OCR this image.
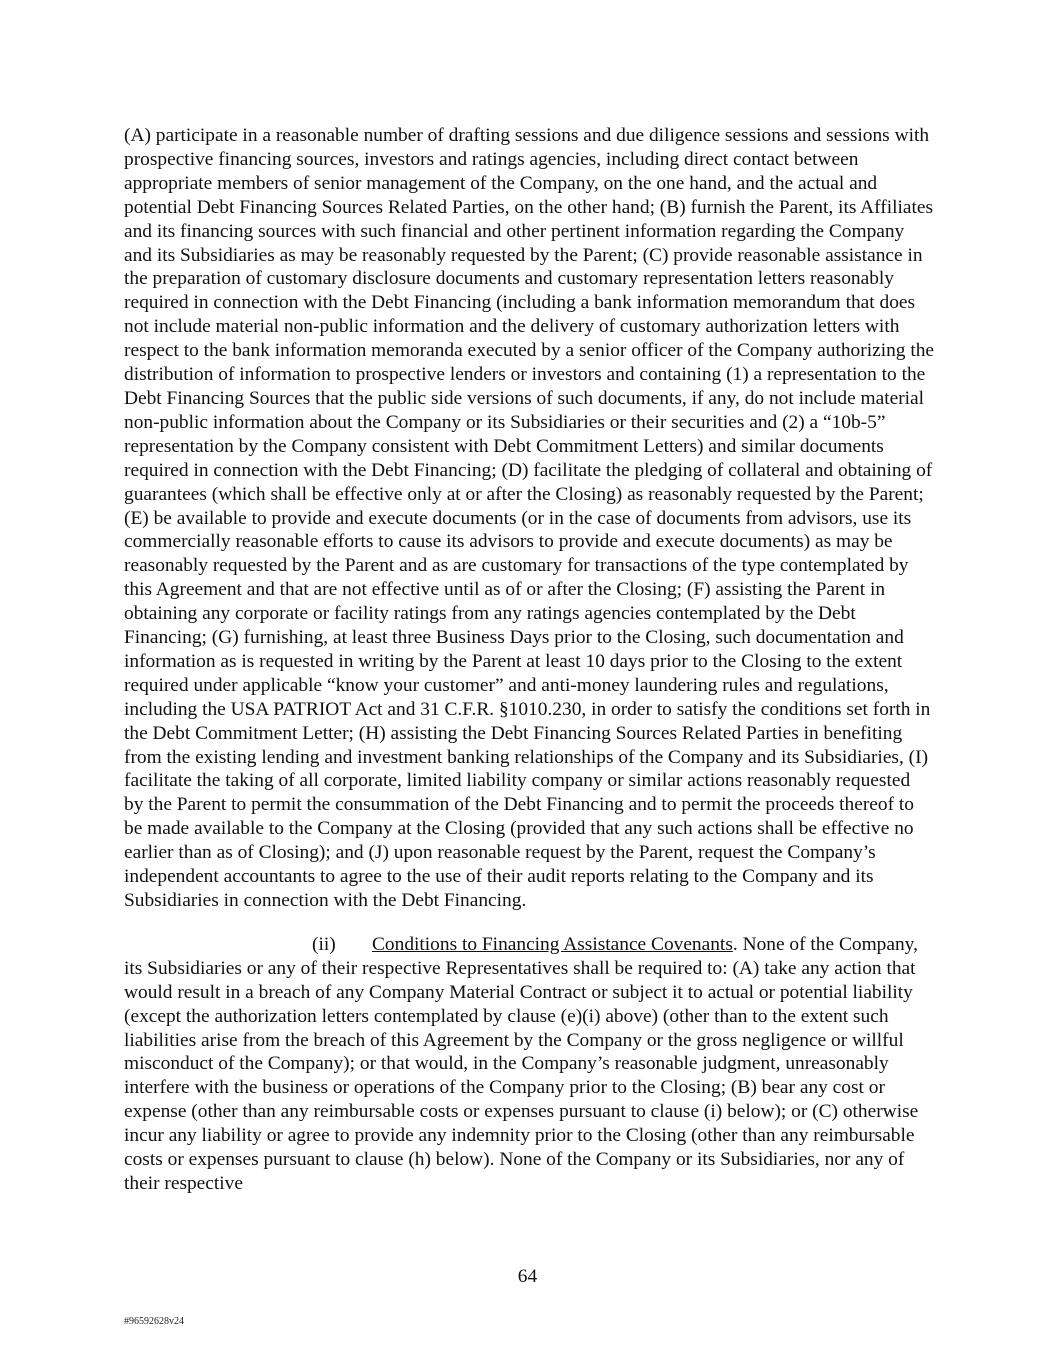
(A) participate in a reasonable number of drafting sessions and due diligence sessions and sessions with prospective financing sources, investors and ratings agencies, including direct contact between appropriate members of senior management of the Company, on the one hand, and the actual and potential Debt Financing Sources Related Parties, on the other hand; (B) furnish the Parent, its Affiliates and its financing sources with such financial and other pertinent information regarding the Company and its Subsidiaries as may be reasonably requested by the Parent; (C) provide reasonable assistance in the preparation of customary disclosure documents and customary representation letters reasonably required in connection with the Debt Financing (including a bank information memorandum that does not include material non-public information and the delivery of customary authorization letters with respect to the bank information memoranda executed by a senior officer of the Company authorizing the distribution of information to prospective lenders or investors and containing (1) a representation to the Debt Financing Sources that the public side versions of such documents, if any, do not include material non-public information about the Company or its Subsidiaries or their securities and (2) a “10b-5” representation by the Company consistent with Debt Commitment Letters) and similar documents required in connection with the Debt Financing; (D) facilitate the pledging of collateral and obtaining of guarantees (which shall be effective only at or after the Closing) as reasonably requested by the Parent; (E) be available to provide and execute documents (or in the case of documents from advisors, use its commercially reasonable efforts to cause its advisors to provide and execute documents) as may be reasonably requested by the Parent and as are customary for transactions of the type contemplated by this Agreement and that are not effective until as of or after the Closing; (F) assisting the Parent in obtaining any corporate or facility ratings from any ratings agencies contemplated by the Debt Financing; (G) furnishing, at least three Business Days prior to the Closing, such documentation and information as is requested in writing by the Parent at least 10 days prior to the Closing to the extent required under applicable “know your customer” and anti-money laundering rules and regulations, including the USA PATRIOT Act and 31 C.F.R. §1010.230, in order to satisfy the conditions set forth in the Debt Commitment Letter; (H) assisting the Debt Financing Sources Related Parties in benefiting from the existing lending and investment banking relationships of the Company and its Subsidiaries, (I) facilitate the taking of all corporate, limited liability company or similar actions reasonably requested by the Parent to permit the consummation of the Debt Financing and to permit the proceeds thereof to be made available to the Company at the Closing (provided that any such actions shall be effective no earlier than as of Closing); and (J) upon reasonable request by the Parent, request the Company’s independent accountants to agree to the use of their audit reports relating to the Company and its Subsidiaries in connection with the Debt Financing.

(ii) Conditions to Financing Assistance Covenants. None of the Company, its Subsidiaries or any of their respective Representatives shall be required to: (A) take any action that would result in a breach of any Company Material Contract or subject it to actual or potential liability (except the authorization letters contemplated by clause (e)(i) above) (other than to the extent such liabilities arise from the breach of this Agreement by the Company or the gross negligence or willful misconduct of the Company); or that would, in the Company’s reasonable judgment, unreasonably interfere with the business or operations of the Company prior to the Closing; (B) bear any cost or expense (other than any reimbursable costs or expenses pursuant to clause (i) below); or (C) otherwise incur any liability or agree to provide any indemnity prior to the Closing (other than any reimbursable costs or expenses pursuant to clause (h) below). None of the Company or its Subsidiaries, nor any of their respective

64
#96592628v24
